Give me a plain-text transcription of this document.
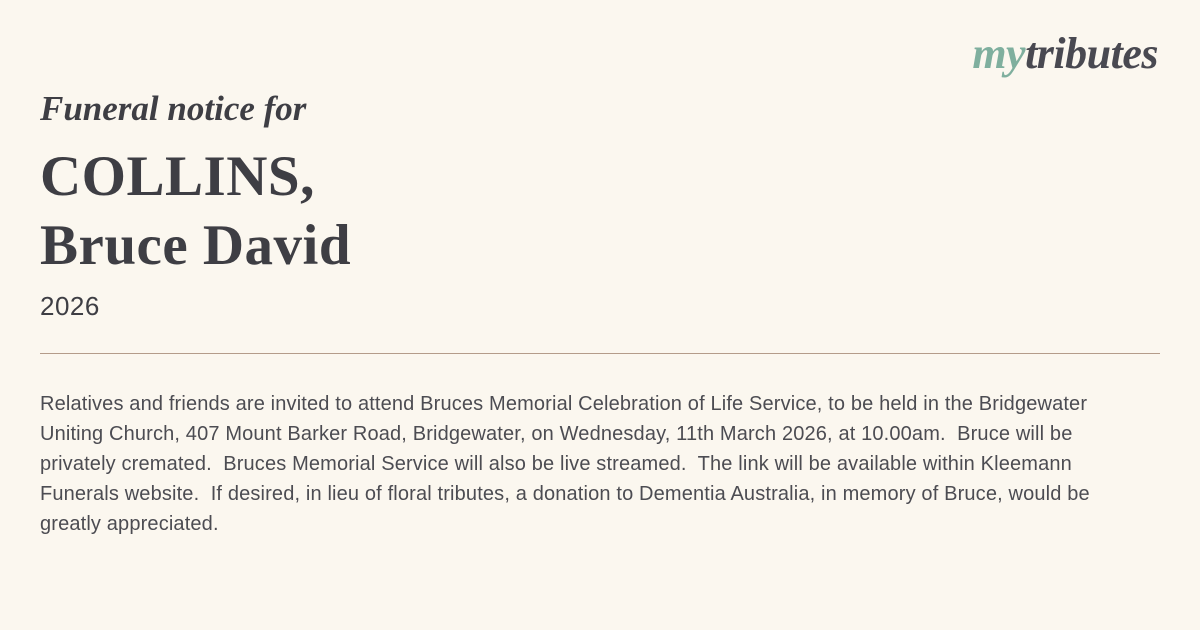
mytributes
Funeral notice for
COLLINS,
Bruce David
2026

Relatives and friends are invited to attend Bruces Memorial Celebration of Life Service, to be held in the Bridgewater Uniting Church, 407 Mount Barker Road, Bridgewater, on Wednesday, 11th March 2026, at 10.00am.  Bruce will be privately cremated.  Bruces Memorial Service will also be live streamed.  The link will be available within Kleemann Funerals website.  If desired, in lieu of floral tributes, a donation to Dementia Australia, in memory of Bruce, would be greatly appreciated.
